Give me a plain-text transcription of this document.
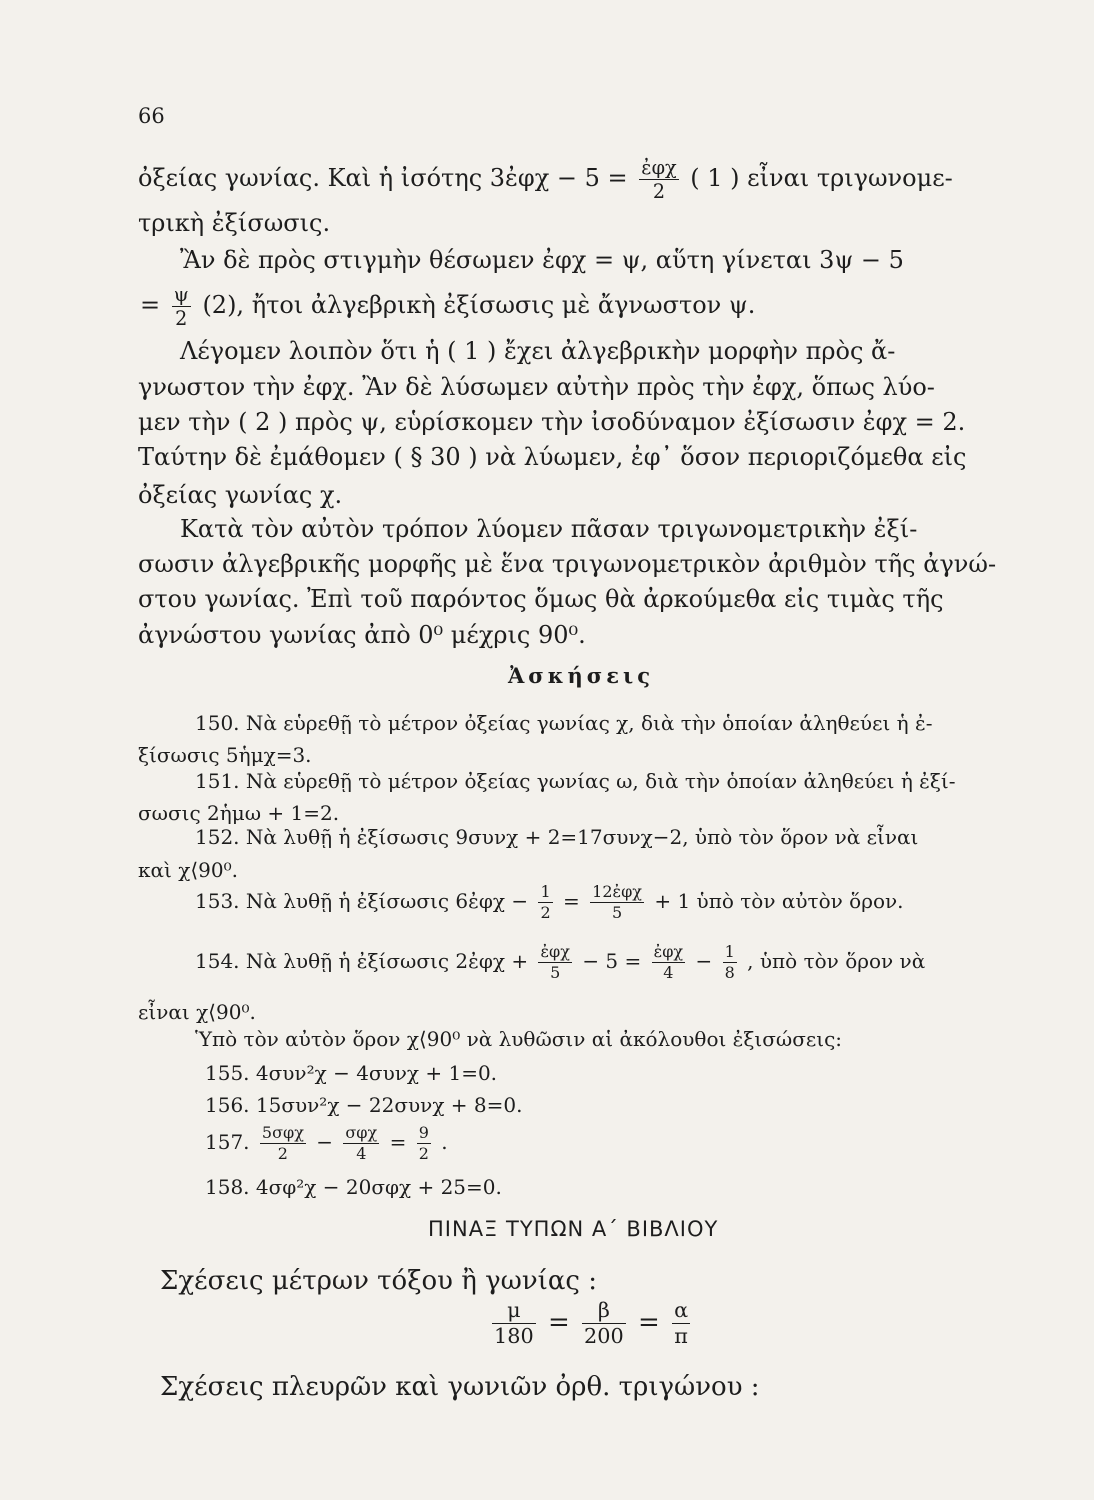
66
ὀξείας γωνίας. Καὶ ἡ ἰσότης 3ἐφχ − $5 = \frac{\text{ἐφχ}}{2}$ ( 1 ) εἶναι τριγωνομε-
τρικὴ ἐξίσωσις.
Ἂν δὲ πρὸς στιγμὴν θέσωμεν ἐφχ = ψ, αὕτη γίνεται 3ψ − 5
= $\frac{\psi}{2} (2)$, ἤτοι ἀλγεβρικὴ ἐξίσωσις μὲ ἄγνωστον ψ.
Λέγομεν λοιπὸν ὅτι ἡ ( 1 ) ἔχει ἀλγεβρικὴν μορφὴν πρὸς ἄ-
γνωστον τὴν ἐφχ. Ἂν δὲ λύσωμεν αὐτὴν πρὸς τὴν ἐφχ, ὅπως λύο-
μεν τὴν ( 2 ) πρὸς ψ, εὑρίσκομεν τὴν ἰσοδύναμον ἐξίσωσιν ἐφχ = 2.
Ταύτην δὲ ἐμάθομεν ( § 30 ) νὰ λύωμεν, ἐφ᾽ ὅσον περιοριζόμεθα εἰς
ὀξείας γωνίας χ.
Κατὰ τὸν αὐτὸν τρόπον λύομεν πᾶσαν τριγωνομετρικὴν ἐξί-
σωσιν ἀλγεβρικῆς μορφῆς μὲ ἕνα τριγωνομετρικὸν ἀριθμὸν τῆς ἀγνώ-
στου γωνίας. Ἐπὶ τοῦ παρόντος ὅμως θὰ ἀρκούμεθα εἰς τιμὰς τῆς
ἀγνώστου γωνίας ἀπὸ 0⁰ μέχρις 90⁰.
Ἀσκήσεις
150. Νὰ εὑρεθῇ τὸ μέτρον ὀξείας γωνίας χ, διὰ τὴν ὁποίαν ἀληθεύει ἡ ἐ-
ξίσωσις 5ἡμχ=3.
151. Νὰ εὑρεθῇ τὸ μέτρον ὀξείας γωνίας ω, διὰ τὴν ὁποίαν ἀληθεύει ἡ ἐξί-
σωσις 2ἡμω + 1=2.
152. Νὰ λυθῇ ἡ ἐξίσωσις 9συνχ + 2=17συνχ−2, ὑπὸ τὸν ὅρον νὰ εἶναι
καὶ χ⟨90⁰.
153. Νὰ λυθῇ ἡ ἐξίσωσις 6ἐφχ − $\frac{1}{2} = \frac{\text{12ἐφχ}}{5} + 1$ ὑπὸ τὸν αὐτὸν ὅρον.
154. Νὰ λυθῇ ἡ ἐξίσωσις 2ἐφχ + $\frac{\text{ἐφχ}}{5} - 5 = \frac{\text{ἐφχ}}{4} - \frac{1}{8}$ , ὑπὸ τὸν ὅρον νὰ
εἶναι χ⟨90⁰.
Ὑπὸ τὸν αὐτὸν ὅρον χ⟨90⁰ νὰ λυθῶσιν αἱ ἀκόλουθοι ἐξισώσεις:
155. 4συν²χ − 4συνχ + 1=0.
156. 15συν²χ − 22συνχ + 8=0.
157. $\frac{\text{5σφχ}}{2} - \frac{\text{σφχ}}{4} = \frac{9}{2}$ .
158. 4σφ²χ − 20σφχ + 25=0.
ΠΙΝΑΞ ΤΥΠΩΝ Α΄ ΒΙΒΛΙΟΥ
Σχέσεις μέτρων τόξου ἢ γωνίας :
$\frac{\mu}{180} = \frac{\beta}{200} = \frac{\alpha}{\pi}$
Σχέσεις πλευρῶν καὶ γωνιῶν ὀρθ. τριγώνου :
